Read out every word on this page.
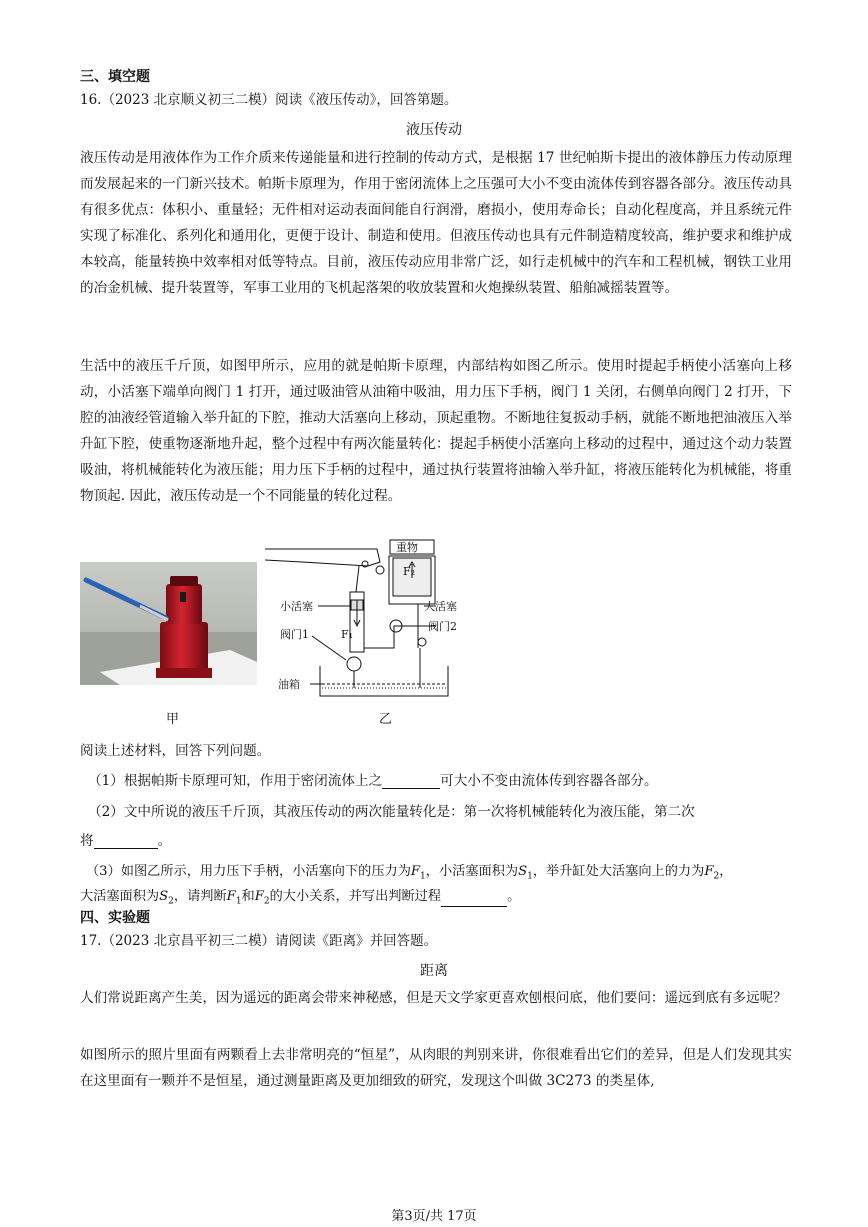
三、填空题
16.（2023 北京顺义初三二模）阅读《液压传动》，回答第题。
液压传动
液压传动是用液体作为工作介质来传递能量和进行控制的传动方式，是根据 17 世纪帕斯卡提出的液体静压力传动原理而发展起来的一门新兴技术。帕斯卡原理为，作用于密闭流体上之压强可大小不变由流体传到容器各部分。液压传动具有很多优点：体积小、重量轻；无件相对运动表面间能自行润滑，磨损小，使用寿命长；自动化程度高，并且系统元件实现了标准化、系列化和通用化，更便于设计、制造和使用。但液压传动也具有元件制造精度较高，维护要求和维护成本较高，能量转换中效率相对低等特点。目前，液压传动应用非常广泛，如行走机械中的汽车和工程机械，钢铁工业用的冶金机械、提升装置等，军事工业用的飞机起落架的收放装置和火炮操纵装置、船舶减摇装置等。
生活中的液压千斤顶，如图甲所示，应用的就是帕斯卡原理，内部结构如图乙所示。使用时提起手柄使小活塞向上移动，小活塞下端单向阀门 1 打开，通过吸油管从油箱中吸油，用力压下手柄，阀门 1 关闭，右侧单向阀门 2 打开，下腔的油液经管道输入举升缸的下腔，推动大活塞向上移动，顶起重物。不断地往复扳动手柄，就能不断地把油液压入举升缸下腔，使重物逐渐地升起，整个过程中有两次能量转化：提起手柄使小活塞向上移动的过程中，通过这个动力装置吸油，将机械能转化为液压能；用力压下手柄的过程中，通过执行装置将油输入举升缸，将液压能转化为机械能，将重物顶起. 因此，液压传动是一个不同能量的转化过程。
甲
重物
F₂
F₁
小活塞	大活塞
阀门1
阀门2
油箱
乙
阅读上述材料，回答下列问题。
（1）根据帕斯卡原理可知，作用于密闭流体上之	可大小不变由流体传到容器各部分。
（2）文中所说的液压千斤顶，其液压传动的两次能量转化是：第一次将机械能转化为液压能，第二次
将	。
（3）如图乙所示，用力压下手柄，小活塞向下的压力为$F_1$，小活塞面积为$S_1$，举升缸处大活塞向上的力为$F_2$，
大活塞面积为$S_2$，请判断$F_1$和$F_2$的大小关系，并写出判断过程	。
四、实验题
17.（2023 北京昌平初三二模）请阅读《距离》并回答题。
距离
人们常说距离产生美，因为遥远的距离会带来神秘感，但是天文学家更喜欢刨根问底，他们要问：遥远到底有多远呢？
如图所示的照片里面有两颗看上去非常明亮的“恒星”，从肉眼的判别来讲，你很难看出它们的差异，但是人们发现其实在这里面有一颗并不是恒星，通过测量距离及更加细致的研究，发现这个叫做 3C273 的类星体,
第3页/共 17页
